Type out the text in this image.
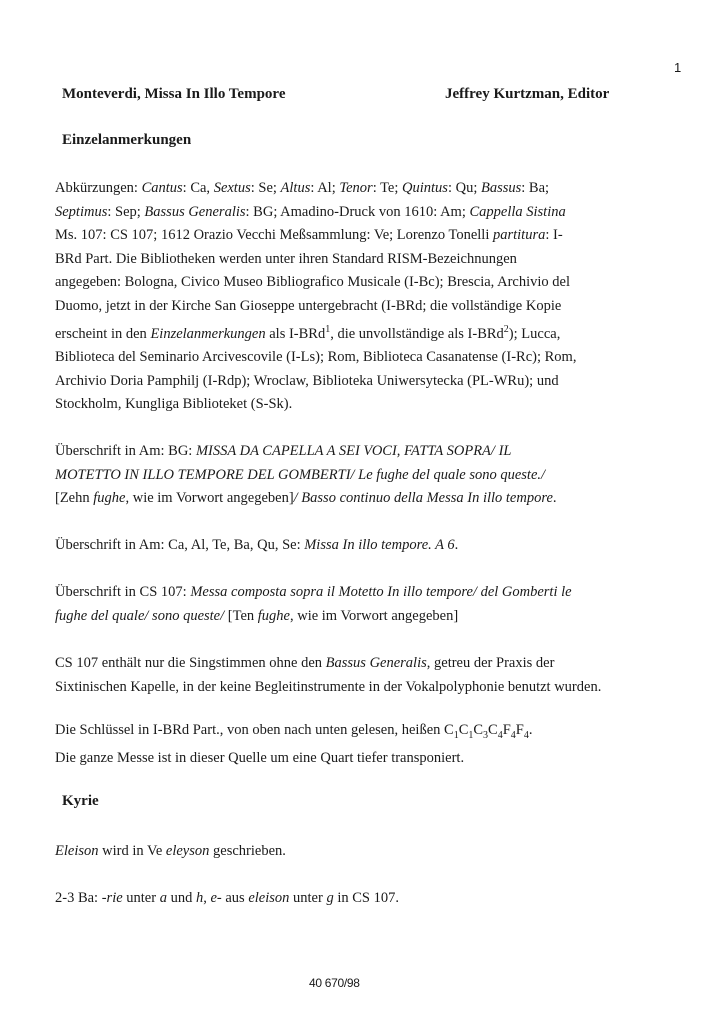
1
Monteverdi, Missa In Illo Tempore	Jeffrey Kurtzman, Editor
Einzelanmerkungen
Abkürzungen: Cantus: Ca, Sextus: Se; Altus: Al; Tenor: Te; Quintus: Qu; Bassus: Ba;
Septimus: Sep; Bassus Generalis: BG; Amadino-Druck von 1610: Am; Cappella Sistina
Ms. 107: CS 107; 1612 Orazio Vecchi Meßsammlung: Ve; Lorenzo Tonelli partitura: I-
BRd Part. Die Bibliotheken werden unter ihren Standard RISM-Bezeichnungen
angegeben: Bologna, Civico Museo Bibliografico Musicale (I-Bc); Brescia, Archivio del
Duomo, jetzt in der Kirche San Gioseppe untergebracht (I-BRd; die vollständige Kopie
erscheint in den Einzelanmerkungen als I-BRd$^1$, die unvollständige als I-BRd$^2$); Lucca,
Biblioteca del Seminario Arcivescovile (I-Ls); Rom, Biblioteca Casanatense (I-Rc); Rom,
Archivio Doria Pamphilj (I-Rdp); Wroclaw, Biblioteka Uniwersytecka (PL-WRu); und
Stockholm, Kungliga Biblioteket (S-Sk).
Überschrift in Am: BG: MISSA DA CAPELLA A SEI VOCI, FATTA SOPRA/ IL
MOTETTO IN ILLO TEMPORE DEL GOMBERTI/ Le fughe del quale sono queste./
[Zehn fughe, wie im Vorwort angegeben]/ Basso continuo della Messa In illo tempore.
Überschrift in Am: Ca, Al, Te, Ba, Qu, Se: Missa In illo tempore. A 6.
Überschrift in CS 107: Messa composta sopra il Motetto In illo tempore/ del Gomberti le
fughe del quale/ sono queste/ [Ten fughe, wie im Vorwort angegeben]
CS 107 enthält nur die Singstimmen ohne den Bassus Generalis, getreu der Praxis der
Sixtinischen Kapelle, in der keine Begleitinstrumente in der Vokalpolyphonie benutzt wurden.
Die Schlüssel in I-BRd Part., von oben nach unten gelesen, heißen $C_1C_1C_3C_4F_4F_4$.
Die ganze Messe ist in dieser Quelle um eine Quart tiefer transponiert.
Kyrie
Eleison wird in Ve eleyson geschrieben.
2-3 Ba: -rie unter a und h, e- aus eleison unter g in CS 107.
40 670/98
